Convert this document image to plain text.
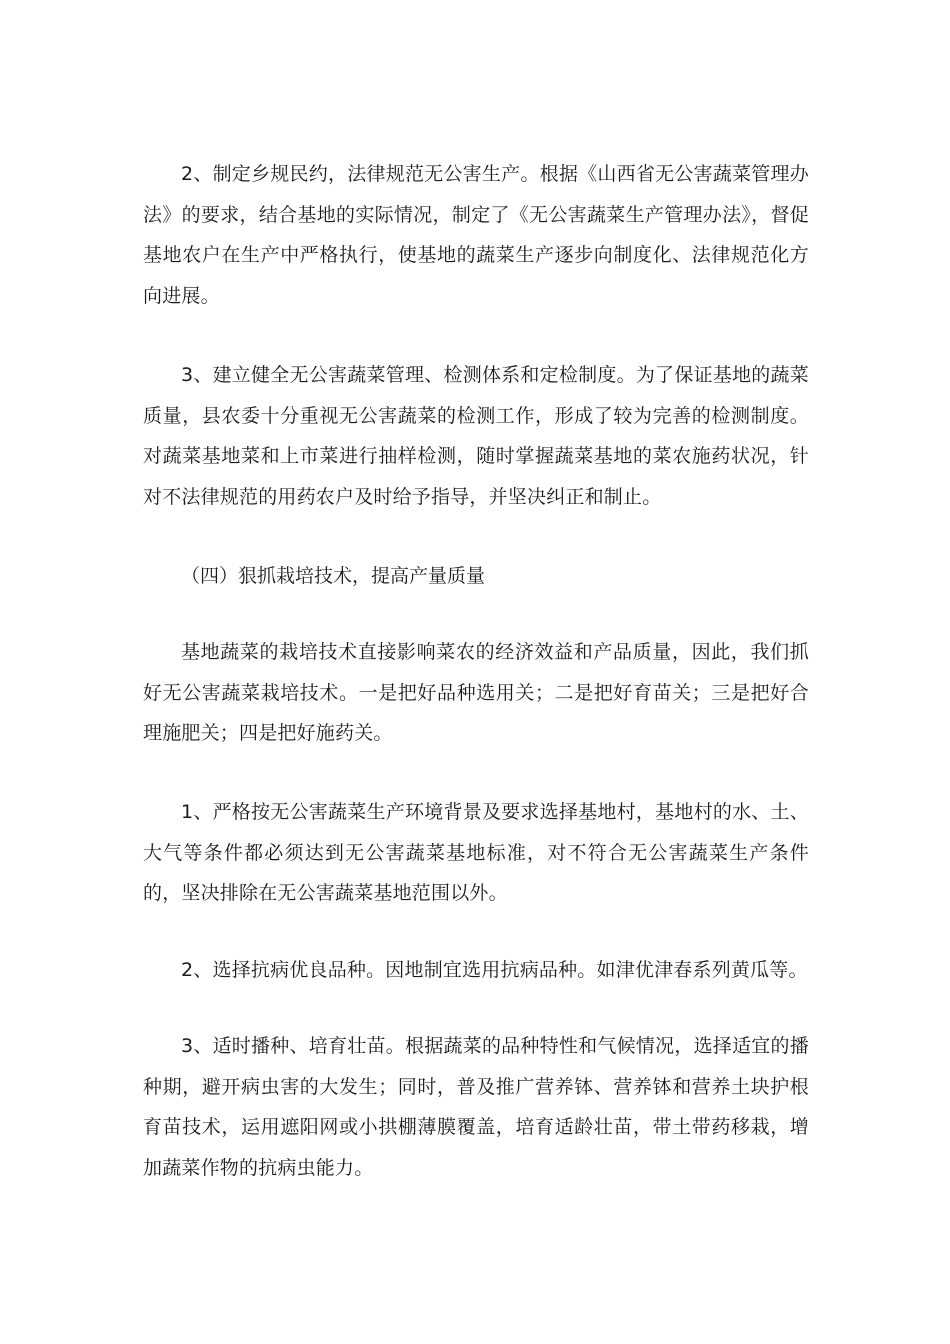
2、制定乡规民约，法律规范无公害生产。根据《山西省无公害蔬菜管理办法》的要求，结合基地的实际情况，制定了《无公害蔬菜生产管理办法》，督促基地农户在生产中严格执行，使基地的蔬菜生产逐步向制度化、法律规范化方向进展。

3、建立健全无公害蔬菜管理、检测体系和定检制度。为了保证基地的蔬菜质量，县农委十分重视无公害蔬菜的检测工作，形成了较为完善的检测制度。对蔬菜基地菜和上市菜进行抽样检测，随时掌握蔬菜基地的菜农施药状况，针对不法律规范的用药农户及时给予指导，并坚决纠正和制止。

（四）狠抓栽培技术，提高产量质量

基地蔬菜的栽培技术直接影响菜农的经济效益和产品质量，因此，我们抓好无公害蔬菜栽培技术。一是把好品种选用关；二是把好育苗关；三是把好合理施肥关；四是把好施药关。

1、严格按无公害蔬菜生产环境背景及要求选择基地村，基地村的水、土、大气等条件都必须达到无公害蔬菜基地标准，对不符合无公害蔬菜生产条件的，坚决排除在无公害蔬菜基地范围以外。

2、选择抗病优良品种。因地制宜选用抗病品种。如津优津春系列黄瓜等。

3、适时播种、培育壮苗。根据蔬菜的品种特性和气候情况，选择适宜的播种期，避开病虫害的大发生；同时，普及推广营养钵、营养钵和营养土块护根育苗技术，运用遮阳网或小拱棚薄膜覆盖，培育适龄壮苗，带土带药移栽，增加蔬菜作物的抗病虫能力。
